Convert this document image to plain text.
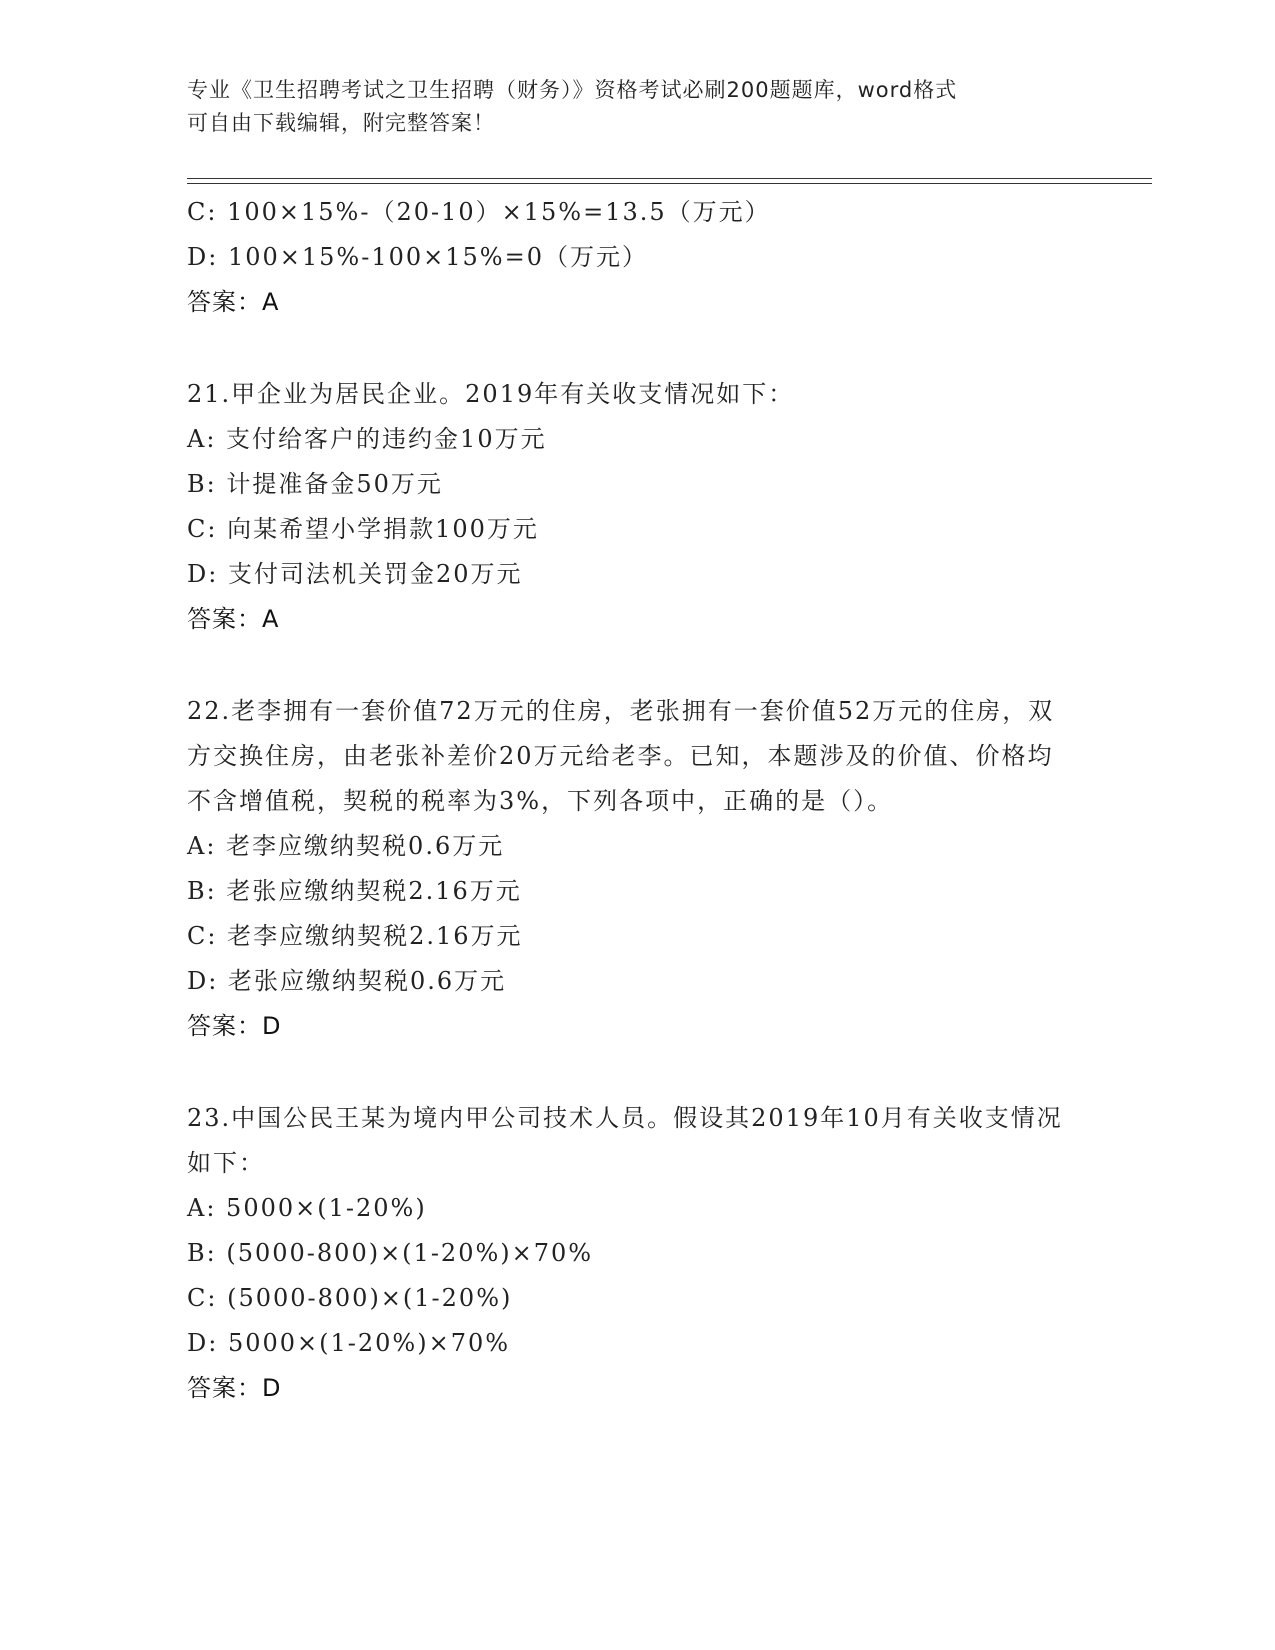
专业《卫生招聘考试之卫生招聘（财务）》资格考试必刷200题题库，word格式
可自由下载编辑，附完整答案！
C: 100×15%-（20-10）×15%=13.5（万元）
D: 100×15%-100×15%=0（万元）
答案：A
21.甲企业为居民企业。2019年有关收支情况如下：
A: 支付给客户的违约金10万元
B: 计提准备金50万元
C: 向某希望小学捐款100万元
D: 支付司法机关罚金20万元
答案：A
22.老李拥有一套价值72万元的住房，老张拥有一套价值52万元的住房，双方交换住房，由老张补差价20万元给老李。已知，本题涉及的价值、价格均不含增值税，契税的税率为3%，下列各项中，正确的是（）。
A: 老李应缴纳契税0.6万元
B: 老张应缴纳契税2.16万元
C: 老李应缴纳契税2.16万元
D: 老张应缴纳契税0.6万元
答案：D
23.中国公民王某为境内甲公司技术人员。假设其2019年10月有关收支情况如下：
A: 5000×(1-20%)
B: (5000-800)×(1-20%)×70%
C: (5000-800)×(1-20%)
D: 5000×(1-20%)×70%
答案：D
